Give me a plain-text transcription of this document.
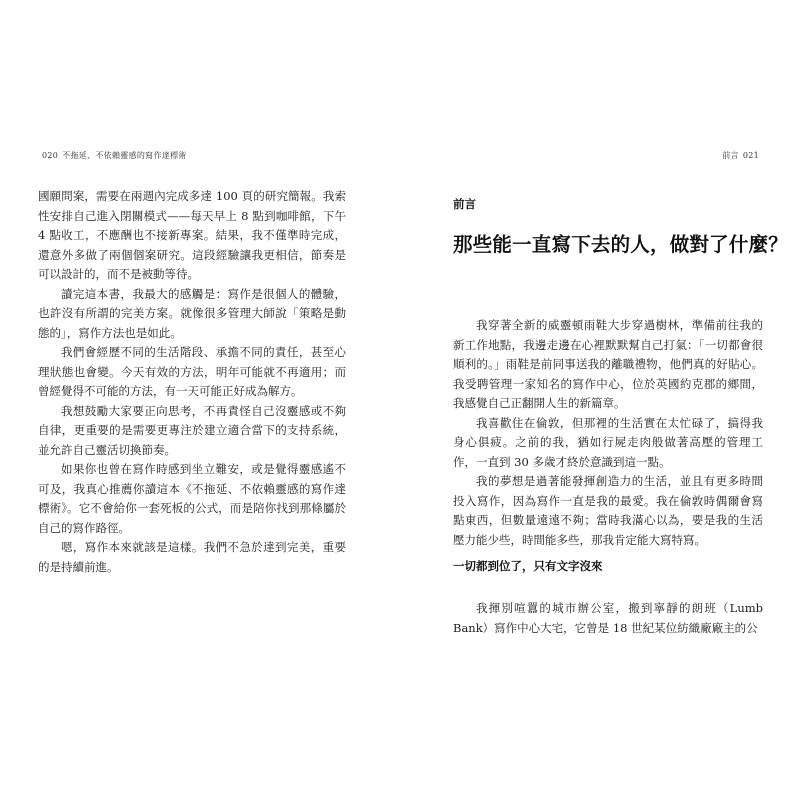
020 不拖延、不依賴靈感的寫作達標術

國願問案，需要在兩週內完成多達 100 頁的研究簡報。我索性安排自己進入閉關模式——每天早上 8 點到咖啡館，下午 4 點收工，不應酬也不接新專案。結果，我不僅準時完成，還意外多做了兩個個案研究。這段經驗讓我更相信，節奏是可以設計的，而不是被動等待。

讀完這本書，我最大的感觸是：寫作是很個人的體驗，也許沒有所謂的完美方案。就像很多管理大師說「策略是動態的」，寫作方法也是如此。

我們會經歷不同的生活階段、承擔不同的責任，甚至心理狀態也會變。今天有效的方法，明年可能就不再適用；而曾經覺得不可能的方法，有一天可能正好成為解方。

我想鼓勵大家要正向思考，不再責怪自己沒靈感或不夠自律，更重要的是需要更專注於建立適合當下的支持系統，並允許自己靈活切換節奏。

如果你也曾在寫作時感到坐立難安，或是覺得靈感遙不可及，我真心推薦你讀這本《不拖延、不依賴靈感的寫作達標術》。它不會給你一套死板的公式，而是陪你找到那條屬於自己的寫作路徑。

嗯，寫作本來就該是這樣。我們不急於達到完美，重要的是持續前進。

前言 021
前言
那些能一直寫下去的人，做對了什麼？

我穿著全新的威靈頓雨鞋大步穿過樹林，準備前往我的新工作地點，我邊走邊在心裡默默幫自己打氣：「一切都會很順利的。」雨鞋是前同事送我的離職禮物，他們真的好貼心。我受聘管理一家知名的寫作中心，位於英國約克郡的鄉間，我感覺自己正翻開人生的新篇章。

我喜歡住在倫敦，但那裡的生活實在太忙碌了，搞得我身心俱疲。之前的我，猶如行屍走肉般做著高壓的管理工作，一直到 30 多歲才終於意識到這一點。

我的夢想是過著能發揮創造力的生活，並且有更多時間投入寫作，因為寫作一直是我的最愛。我在倫敦時偶爾會寫點東西，但數量遠遠不夠；當時我滿心以為，要是我的生活壓力能少些，時間能多些，那我肯定能大寫特寫。

一切都到位了，只有文字沒來

我揮別喧囂的城市辦公室，搬到寧靜的朗班（Lumb Bank）寫作中心大宅，它曾是 18 世紀某位紡織廠廠主的公
